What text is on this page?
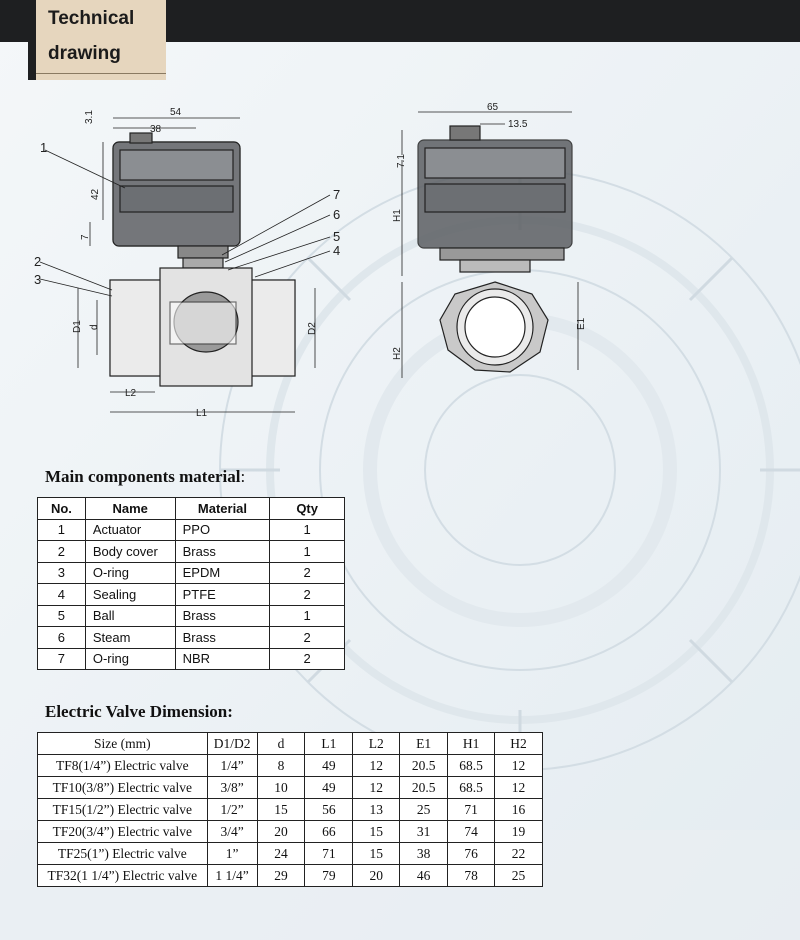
Technical
drawing
54
38
3.1
42
7
D1 d	D2
L2
L1
1
2
3
4
5
6
7
65
13.5
7.1
H1
H2
E1
Main components material:
No.	Name	Material	Qty
1	Actuator	PPO	1
2	Body cover	Brass	1
3	O-ring	EPDM	2
4	Sealing	PTFE	2
5	Ball	Brass	1
6	Steam	Brass	2
7	O-ring	NBR	2
Electric Valve Dimension:
Size (mm)	D1/D2	d	L1	L2	E1	H1	H2
TF8(1/4”) Electric valve	1/4”	8	49	12	20.5	68.5	12
TF10(3/8”) Electric valve	3/8”	10	49	12	20.5	68.5	12
TF15(1/2”) Electric valve	1/2”	15	56	13	25	71	16
TF20(3/4”) Electric valve	3/4”	20	66	15	31	74	19
TF25(1”) Electric valve	1”	24	71	15	38	76	22
TF32(1 1/4”) Electric valve	1 1/4”	29	79	20	46	78	25
